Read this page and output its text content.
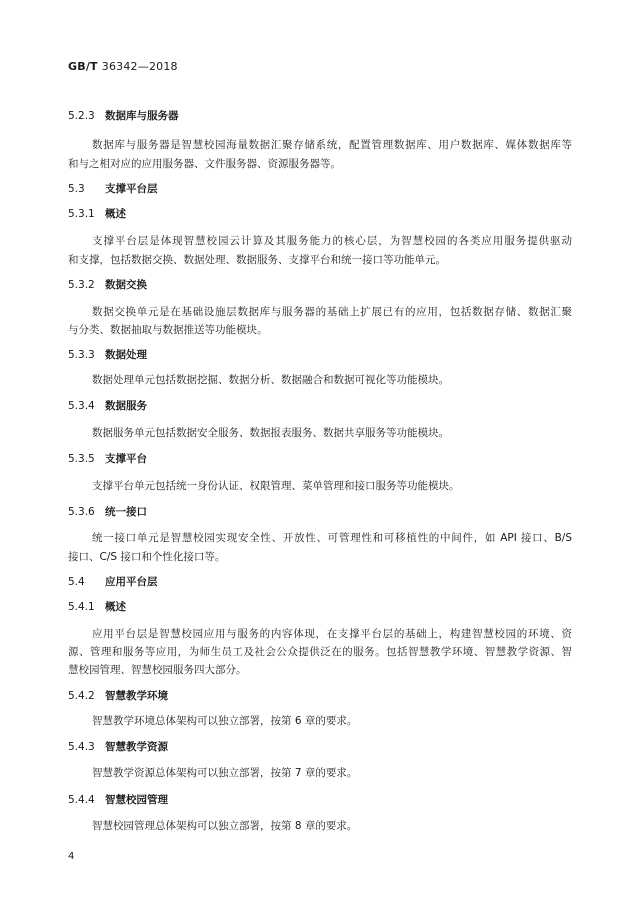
GB/T 36342—2018
5.2.3 数据库与服务器
数据库与服务器是智慧校园海量数据汇聚存储系统，配置管理数据库、用户数据库、媒体数据库等
和与之相对应的应用服务器、文件服务器、资源服务器等。
5.3 支撑平台层
5.3.1 概述
支撑平台层是体现智慧校园云计算及其服务能力的核心层，为智慧校园的各类应用服务提供驱动
和支撑，包括数据交换、数据处理、数据服务、支撑平台和统一接口等功能单元。
5.3.2 数据交换
数据交换单元是在基础设施层数据库与服务器的基础上扩展已有的应用，包括数据存储、数据汇聚
与分类、数据抽取与数据推送等功能模块。
5.3.3 数据处理
数据处理单元包括数据挖掘、数据分析、数据融合和数据可视化等功能模块。
5.3.4 数据服务
数据服务单元包括数据安全服务、数据报表服务、数据共享服务等功能模块。
5.3.5 支撑平台
支撑平台单元包括统一身份认证、权限管理、菜单管理和接口服务等功能模块。
5.3.6 统一接口
统一接口单元是智慧校园实现安全性、开放性、可管理性和可移植性的中间件，如 API 接口、B/S
接口、C/S 接口和个性化接口等。
5.4 应用平台层
5.4.1 概述
应用平台层是智慧校园应用与服务的内容体现，在支撑平台层的基础上，构建智慧校园的环境、资
源、管理和服务等应用，为师生员工及社会公众提供泛在的服务。包括智慧教学环境、智慧教学资源、智
慧校园管理、智慧校园服务四大部分。
5.4.2 智慧教学环境
智慧教学环境总体架构可以独立部署，按第 6 章的要求。
5.4.3 智慧教学资源
智慧教学资源总体架构可以独立部署，按第 7 章的要求。
5.4.4 智慧校园管理
智慧校园管理总体架构可以独立部署，按第 8 章的要求。
4
